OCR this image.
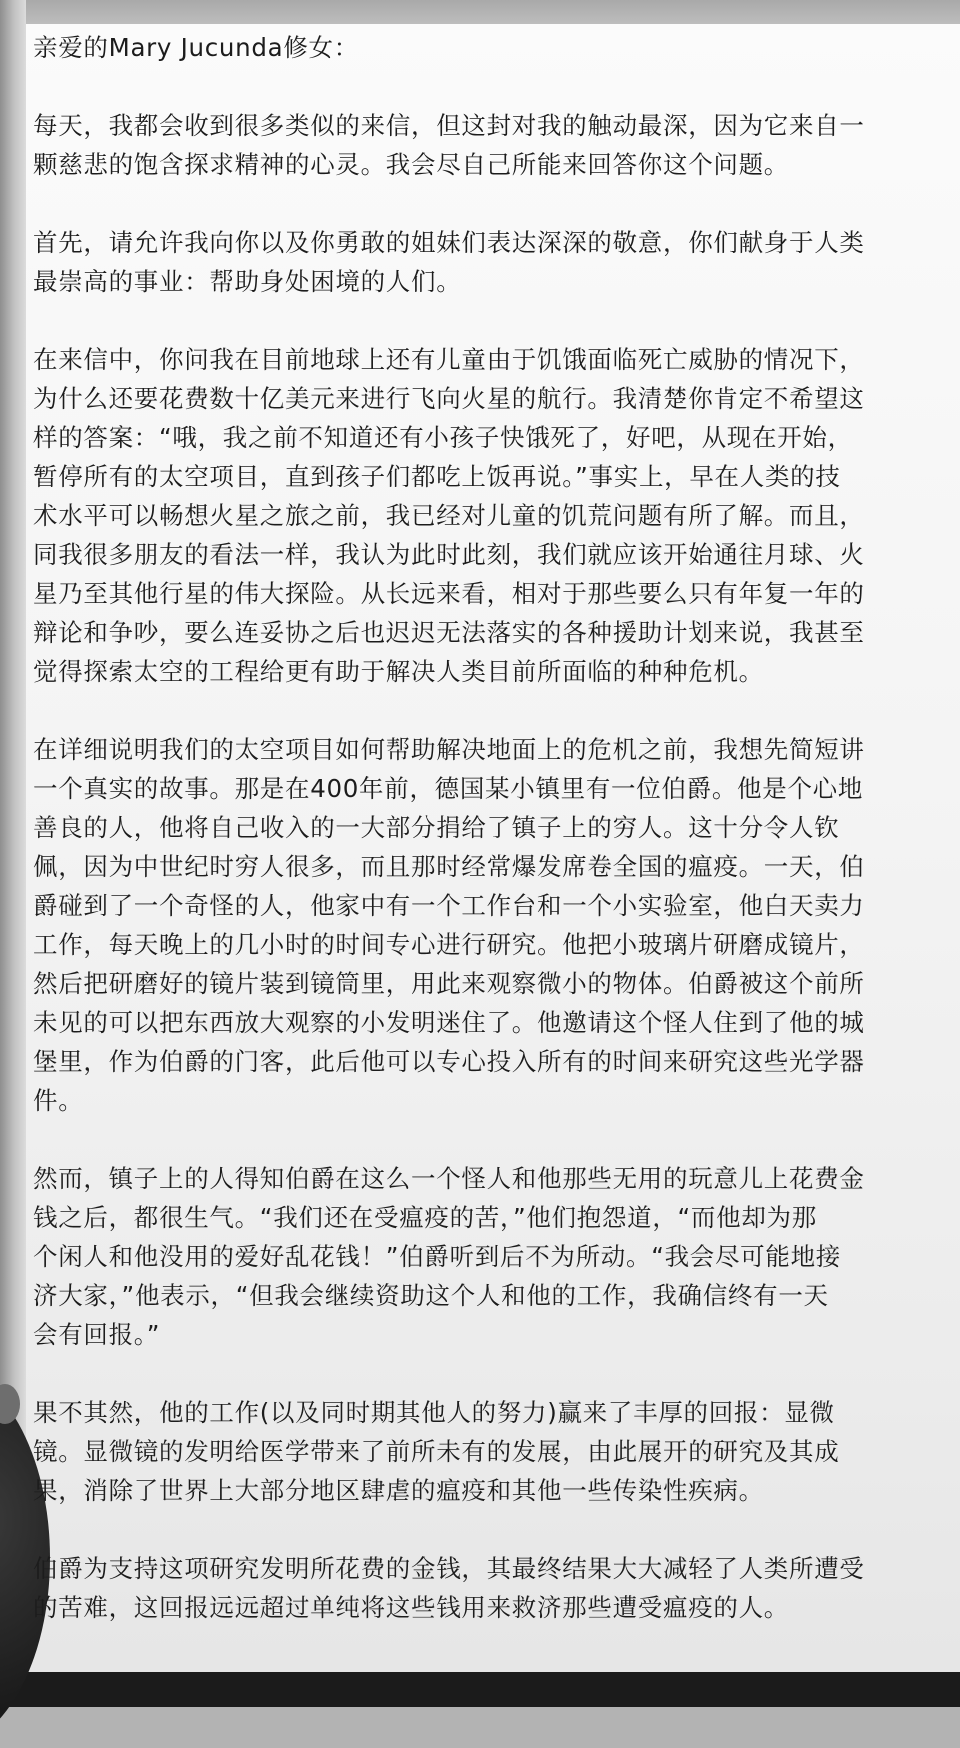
亲爱的Mary Jucunda修女：

每天，我都会收到很多类似的来信，但这封对我的触动最深，因为它来自一
颗慈悲的饱含探求精神的心灵。我会尽自己所能来回答你这个问题。

首先，请允许我向你以及你勇敢的姐妹们表达深深的敬意，你们献身于人类
最崇高的事业：帮助身处困境的人们。

在来信中，你问我在目前地球上还有儿童由于饥饿面临死亡威胁的情况下，
为什么还要花费数十亿美元来进行飞向火星的航行。我清楚你肯定不希望这
样的答案：“哦，我之前不知道还有小孩子快饿死了，好吧，从现在开始，
暂停所有的太空项目，直到孩子们都吃上饭再说。”事实上，早在人类的技
术水平可以畅想火星之旅之前，我已经对儿童的饥荒问题有所了解。而且，
同我很多朋友的看法一样，我认为此时此刻，我们就应该开始通往月球、火
星乃至其他行星的伟大探险。从长远来看，相对于那些要么只有年复一年的
辩论和争吵，要么连妥协之后也迟迟无法落实的各种援助计划来说，我甚至
觉得探索太空的工程给更有助于解决人类目前所面临的种种危机。

在详细说明我们的太空项目如何帮助解决地面上的危机之前，我想先简短讲
一个真实的故事。那是在400年前，德国某小镇里有一位伯爵。他是个心地
善良的人，他将自己收入的一大部分捐给了镇子上的穷人。这十分令人钦
佩，因为中世纪时穷人很多，而且那时经常爆发席卷全国的瘟疫。一天，伯
爵碰到了一个奇怪的人，他家中有一个工作台和一个小实验室，他白天卖力
工作，每天晚上的几小时的时间专心进行研究。他把小玻璃片研磨成镜片，
然后把研磨好的镜片装到镜筒里，用此来观察微小的物体。伯爵被这个前所
未见的可以把东西放大观察的小发明迷住了。他邀请这个怪人住到了他的城
堡里，作为伯爵的门客，此后他可以专心投入所有的时间来研究这些光学器
件。

然而，镇子上的人得知伯爵在这么一个怪人和他那些无用的玩意儿上花费金
钱之后，都很生气。“我们还在受瘟疫的苦，”他们抱怨道，“而他却为那
个闲人和他没用的爱好乱花钱！”伯爵听到后不为所动。“我会尽可能地接
济大家，”他表示，“但我会继续资助这个人和他的工作，我确信终有一天
会有回报。”

果不其然，他的工作(以及同时期其他人的努力)赢来了丰厚的回报：显微
镜。显微镜的发明给医学带来了前所未有的发展，由此展开的研究及其成
果，消除了世界上大部分地区肆虐的瘟疫和其他一些传染性疾病。

伯爵为支持这项研究发明所花费的金钱，其最终结果大大减轻了人类所遭受
的苦难，这回报远远超过单纯将这些钱用来救济那些遭受瘟疫的人。
